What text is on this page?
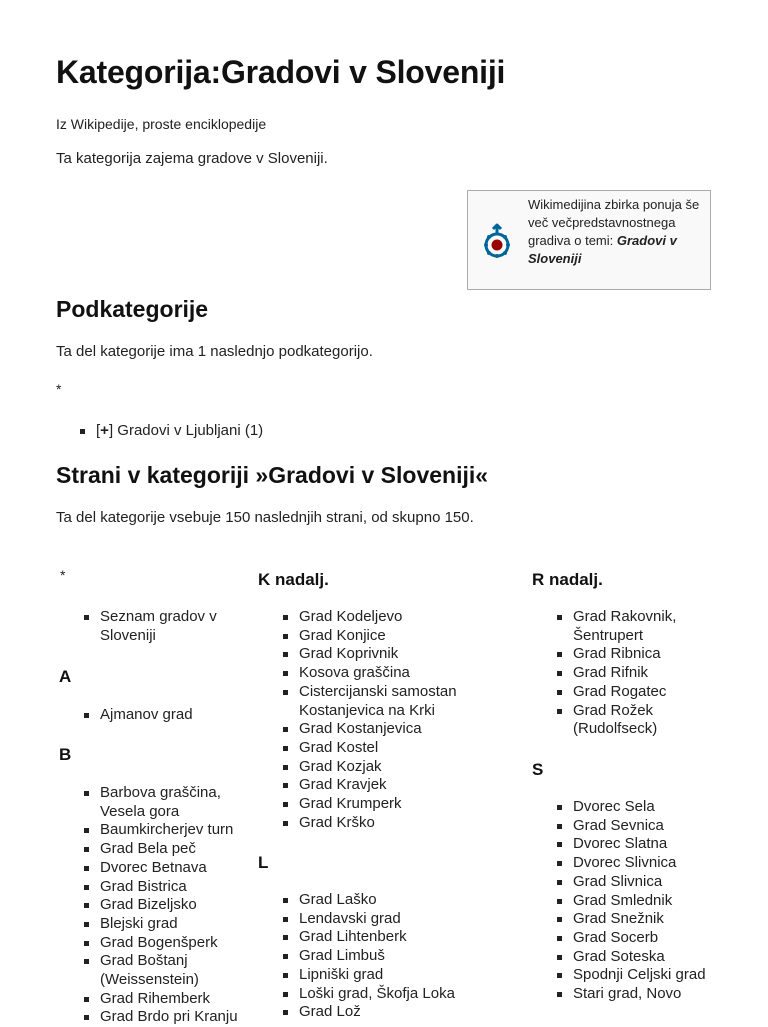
Kategorija:Gradovi v Sloveniji
Iz Wikipedije, proste enciklopedije
Ta kategorija zajema gradove v Sloveniji.
Wikimedijina zbirka ponuja še več večpredstavnostnega gradiva o temi: Gradovi v Sloveniji
Podkategorije
Ta del kategorije ima 1 naslednjo podkategorijo.
*
[+] Gradovi v Ljubljani (1)
Strani v kategoriji »Gradovi v Sloveniji«
Ta del kategorije vsebuje 150 naslednjih strani, od skupno 150.
*
Seznam gradov v Sloveniji
A
Ajmanov grad
B
Barbova graščina, Vesela gora
Baumkircherjev turn
Grad Bela peč
Dvorec Betnava
Grad Bistrica
Grad Bizeljsko
Blejski grad
Grad Bogenšperk
Grad Boštanj (Weissenstein)
Grad Rihemberk
Grad Brdo pri Kranju
K nadalj.
Grad Kodeljevo
Grad Konjice
Grad Koprivnik
Kosova graščina
Cistercijanski samostan Kostanjevica na Krki
Grad Kostanjevica
Grad Kostel
Grad Kozjak
Grad Kravjek
Grad Krumperk
Grad Krško
L
Grad Laško
Lendavski grad
Grad Lihtenberk
Grad Limbuš
Lipniški grad
Loški grad, Škofja Loka
Grad Lož
R nadalj.
Grad Rakovnik, Šentrupert
Grad Ribnica
Grad Rifnik
Grad Rogatec
Grad Rožek (Rudolfseck)
S
Dvorec Sela
Grad Sevnica
Dvorec Slatna
Dvorec Slivnica
Grad Slivnica
Grad Smlednik
Grad Snežnik
Grad Socerb
Grad Soteska
Spodnji Celjski grad
Stari grad, Novo
